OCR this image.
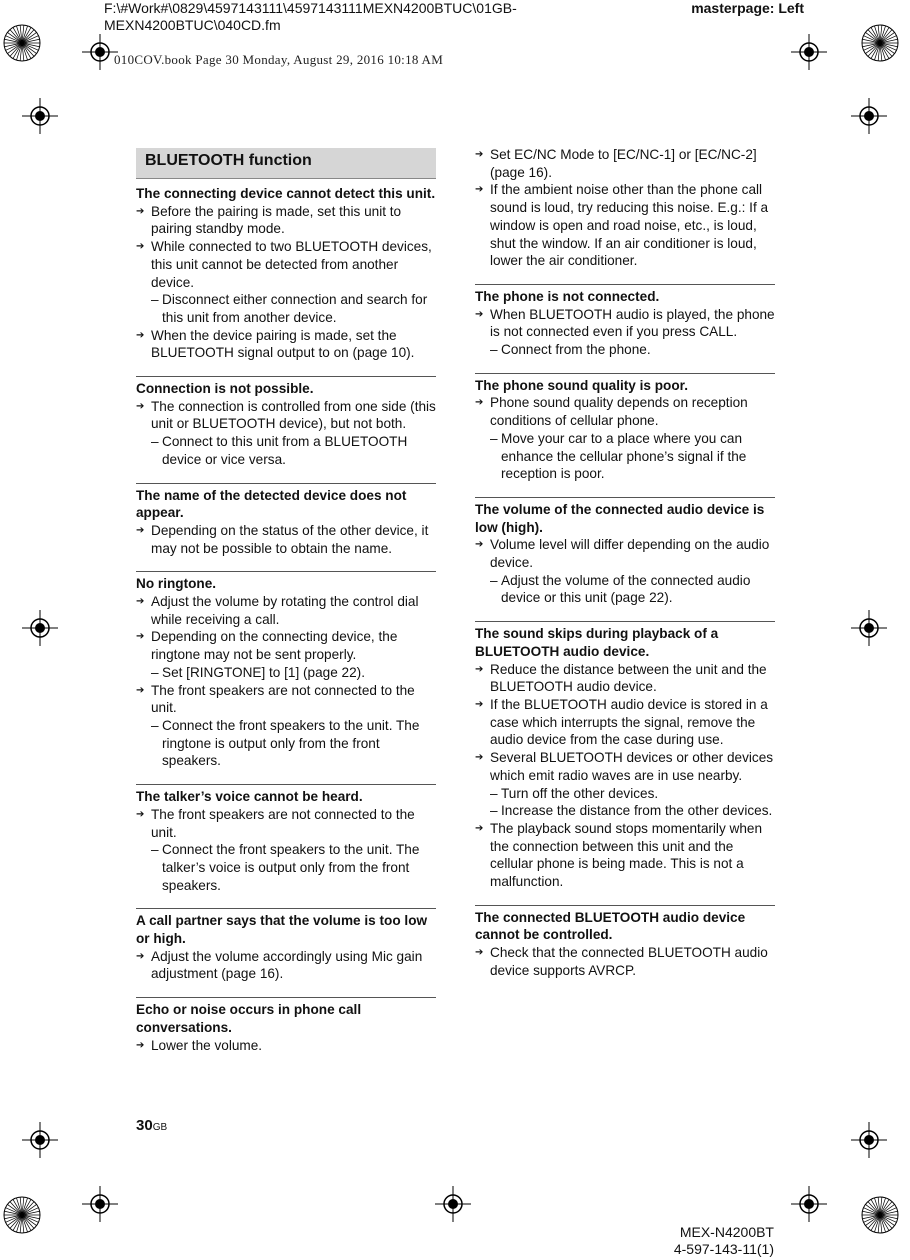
F:\#Work#\0829\4597143111\4597143111MEXN4200BTUC\01GB-
MEXN4200BTUC\040CD.fm
masterpage: Left
010COV.book Page 30 Monday, August 29, 2016 10:18 AM
BLUETOOTH function
The connecting device cannot detect this unit.
➔ Before the pairing is made, set this unit to pairing standby mode.
➔ While connected to two BLUETOOTH devices, this unit cannot be detected from another device.
– Disconnect either connection and search for this unit from another device.
➔ When the device pairing is made, set the BLUETOOTH signal output to on (page 10).
Connection is not possible.
➔ The connection is controlled from one side (this unit or BLUETOOTH device), but not both.
– Connect to this unit from a BLUETOOTH device or vice versa.
The name of the detected device does not appear.
➔ Depending on the status of the other device, it may not be possible to obtain the name.
No ringtone.
➔ Adjust the volume by rotating the control dial while receiving a call.
➔ Depending on the connecting device, the ringtone may not be sent properly.
– Set [RINGTONE] to [1] (page 22).
➔ The front speakers are not connected to the unit.
– Connect the front speakers to the unit. The ringtone is output only from the front speakers.
The talker’s voice cannot be heard.
➔ The front speakers are not connected to the unit.
– Connect the front speakers to the unit. The talker’s voice is output only from the front speakers.
A call partner says that the volume is too low or high.
➔ Adjust the volume accordingly using Mic gain adjustment (page 16).
Echo or noise occurs in phone call conversations.
➔ Lower the volume.
➔ Set EC/NC Mode to [EC/NC-1] or [EC/NC-2] (page 16).
➔ If the ambient noise other than the phone call sound is loud, try reducing this noise. E.g.: If a window is open and road noise, etc., is loud, shut the window. If an air conditioner is loud, lower the air conditioner.
The phone is not connected.
➔ When BLUETOOTH audio is played, the phone is not connected even if you press CALL.
– Connect from the phone.
The phone sound quality is poor.
➔ Phone sound quality depends on reception conditions of cellular phone.
– Move your car to a place where you can enhance the cellular phone’s signal if the reception is poor.
The volume of the connected audio device is low (high).
➔ Volume level will differ depending on the audio device.
– Adjust the volume of the connected audio device or this unit (page 22).
The sound skips during playback of a BLUETOOTH audio device.
➔ Reduce the distance between the unit and the BLUETOOTH audio device.
➔ If the BLUETOOTH audio device is stored in a case which interrupts the signal, remove the audio device from the case during use.
➔ Several BLUETOOTH devices or other devices which emit radio waves are in use nearby.
– Turn off the other devices.
– Increase the distance from the other devices.
➔ The playback sound stops momentarily when the connection between this unit and the cellular phone is being made. This is not a malfunction.
The connected BLUETOOTH audio device cannot be controlled.
➔ Check that the connected BLUETOOTH audio device supports AVRCP.
30GB
MEX-N4200BT
4-597-143-11(1)
